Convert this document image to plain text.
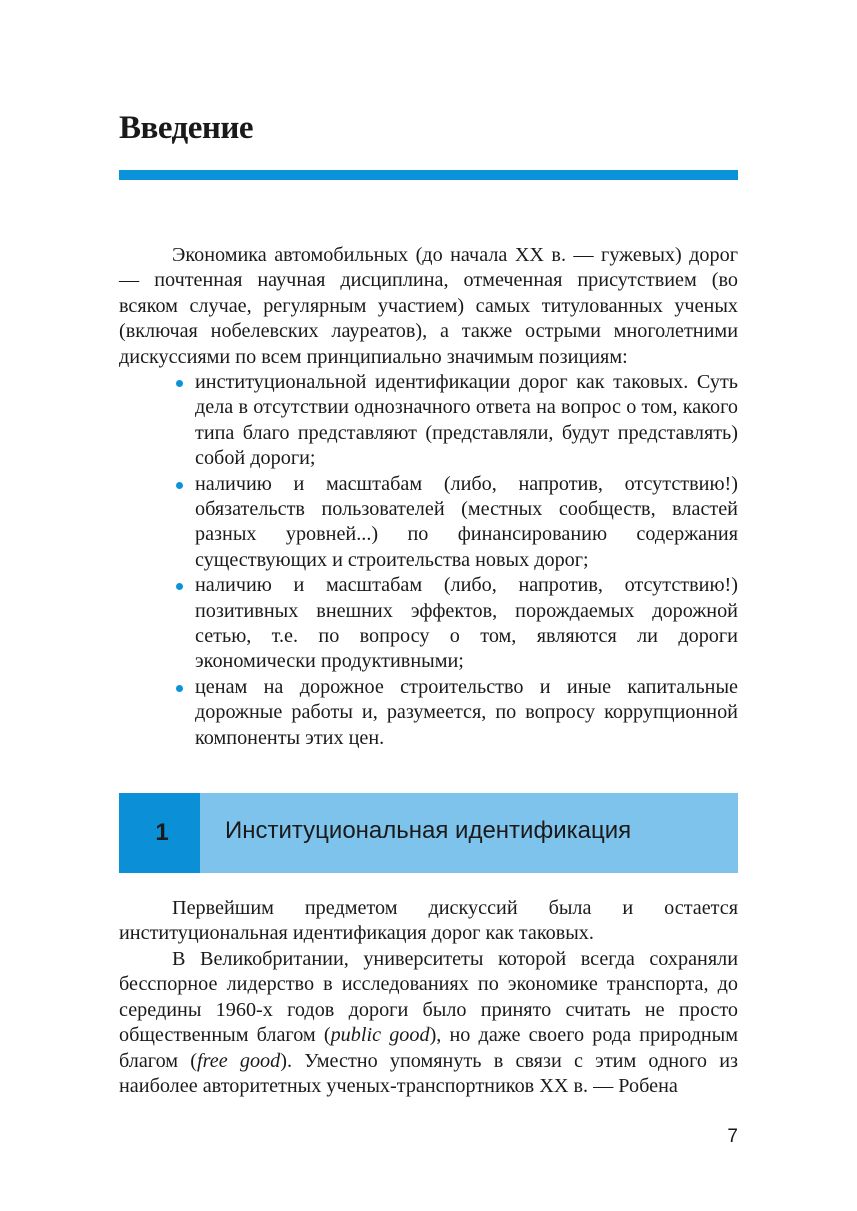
Введение

Экономика автомобильных (до начала XX в. — гужевых) дорог — почтенная научная дисциплина, отмеченная присутствием (во всяком случае, регулярным участием) самых титулованных ученых (включая нобелевских лауреатов), а также острыми многолетними дискуссиями по всем принципиально значимым позициям:

институциональной идентификации дорог как таковых. Суть дела в отсутствии однозначного ответа на вопрос о том, какого типа благо представляют (представляли, будут представлять) собой дороги;
наличию и масштабам (либо, напротив, отсутствию!) обязательств пользователей (местных сообществ, властей разных уровней...) по финансированию содержания существующих и строительства новых дорог;
наличию и масштабам (либо, напротив, отсутствию!) позитивных внешних эффектов, порождаемых дорожной сетью, т.е. по вопросу о том, являются ли дороги экономически продуктивными;
ценам на дорожное строительство и иные капитальные дорожные работы и, разумеется, по вопросу коррупционной компоненты этих цен.
1	Институциональная идентификация

Первейшим предметом дискуссий была и остается институциональная идентификация дорог как таковых.

В Великобритании, университеты которой всегда сохраняли бесспорное лидерство в исследованиях по экономике транспорта, до середины 1960-х годов дороги было принято считать не просто общественным благом (public good), но даже своего рода природным благом (free good). Уместно упомянуть в связи с этим одного из наиболее авторитетных ученых-транспортников XX в. — Робена

7
